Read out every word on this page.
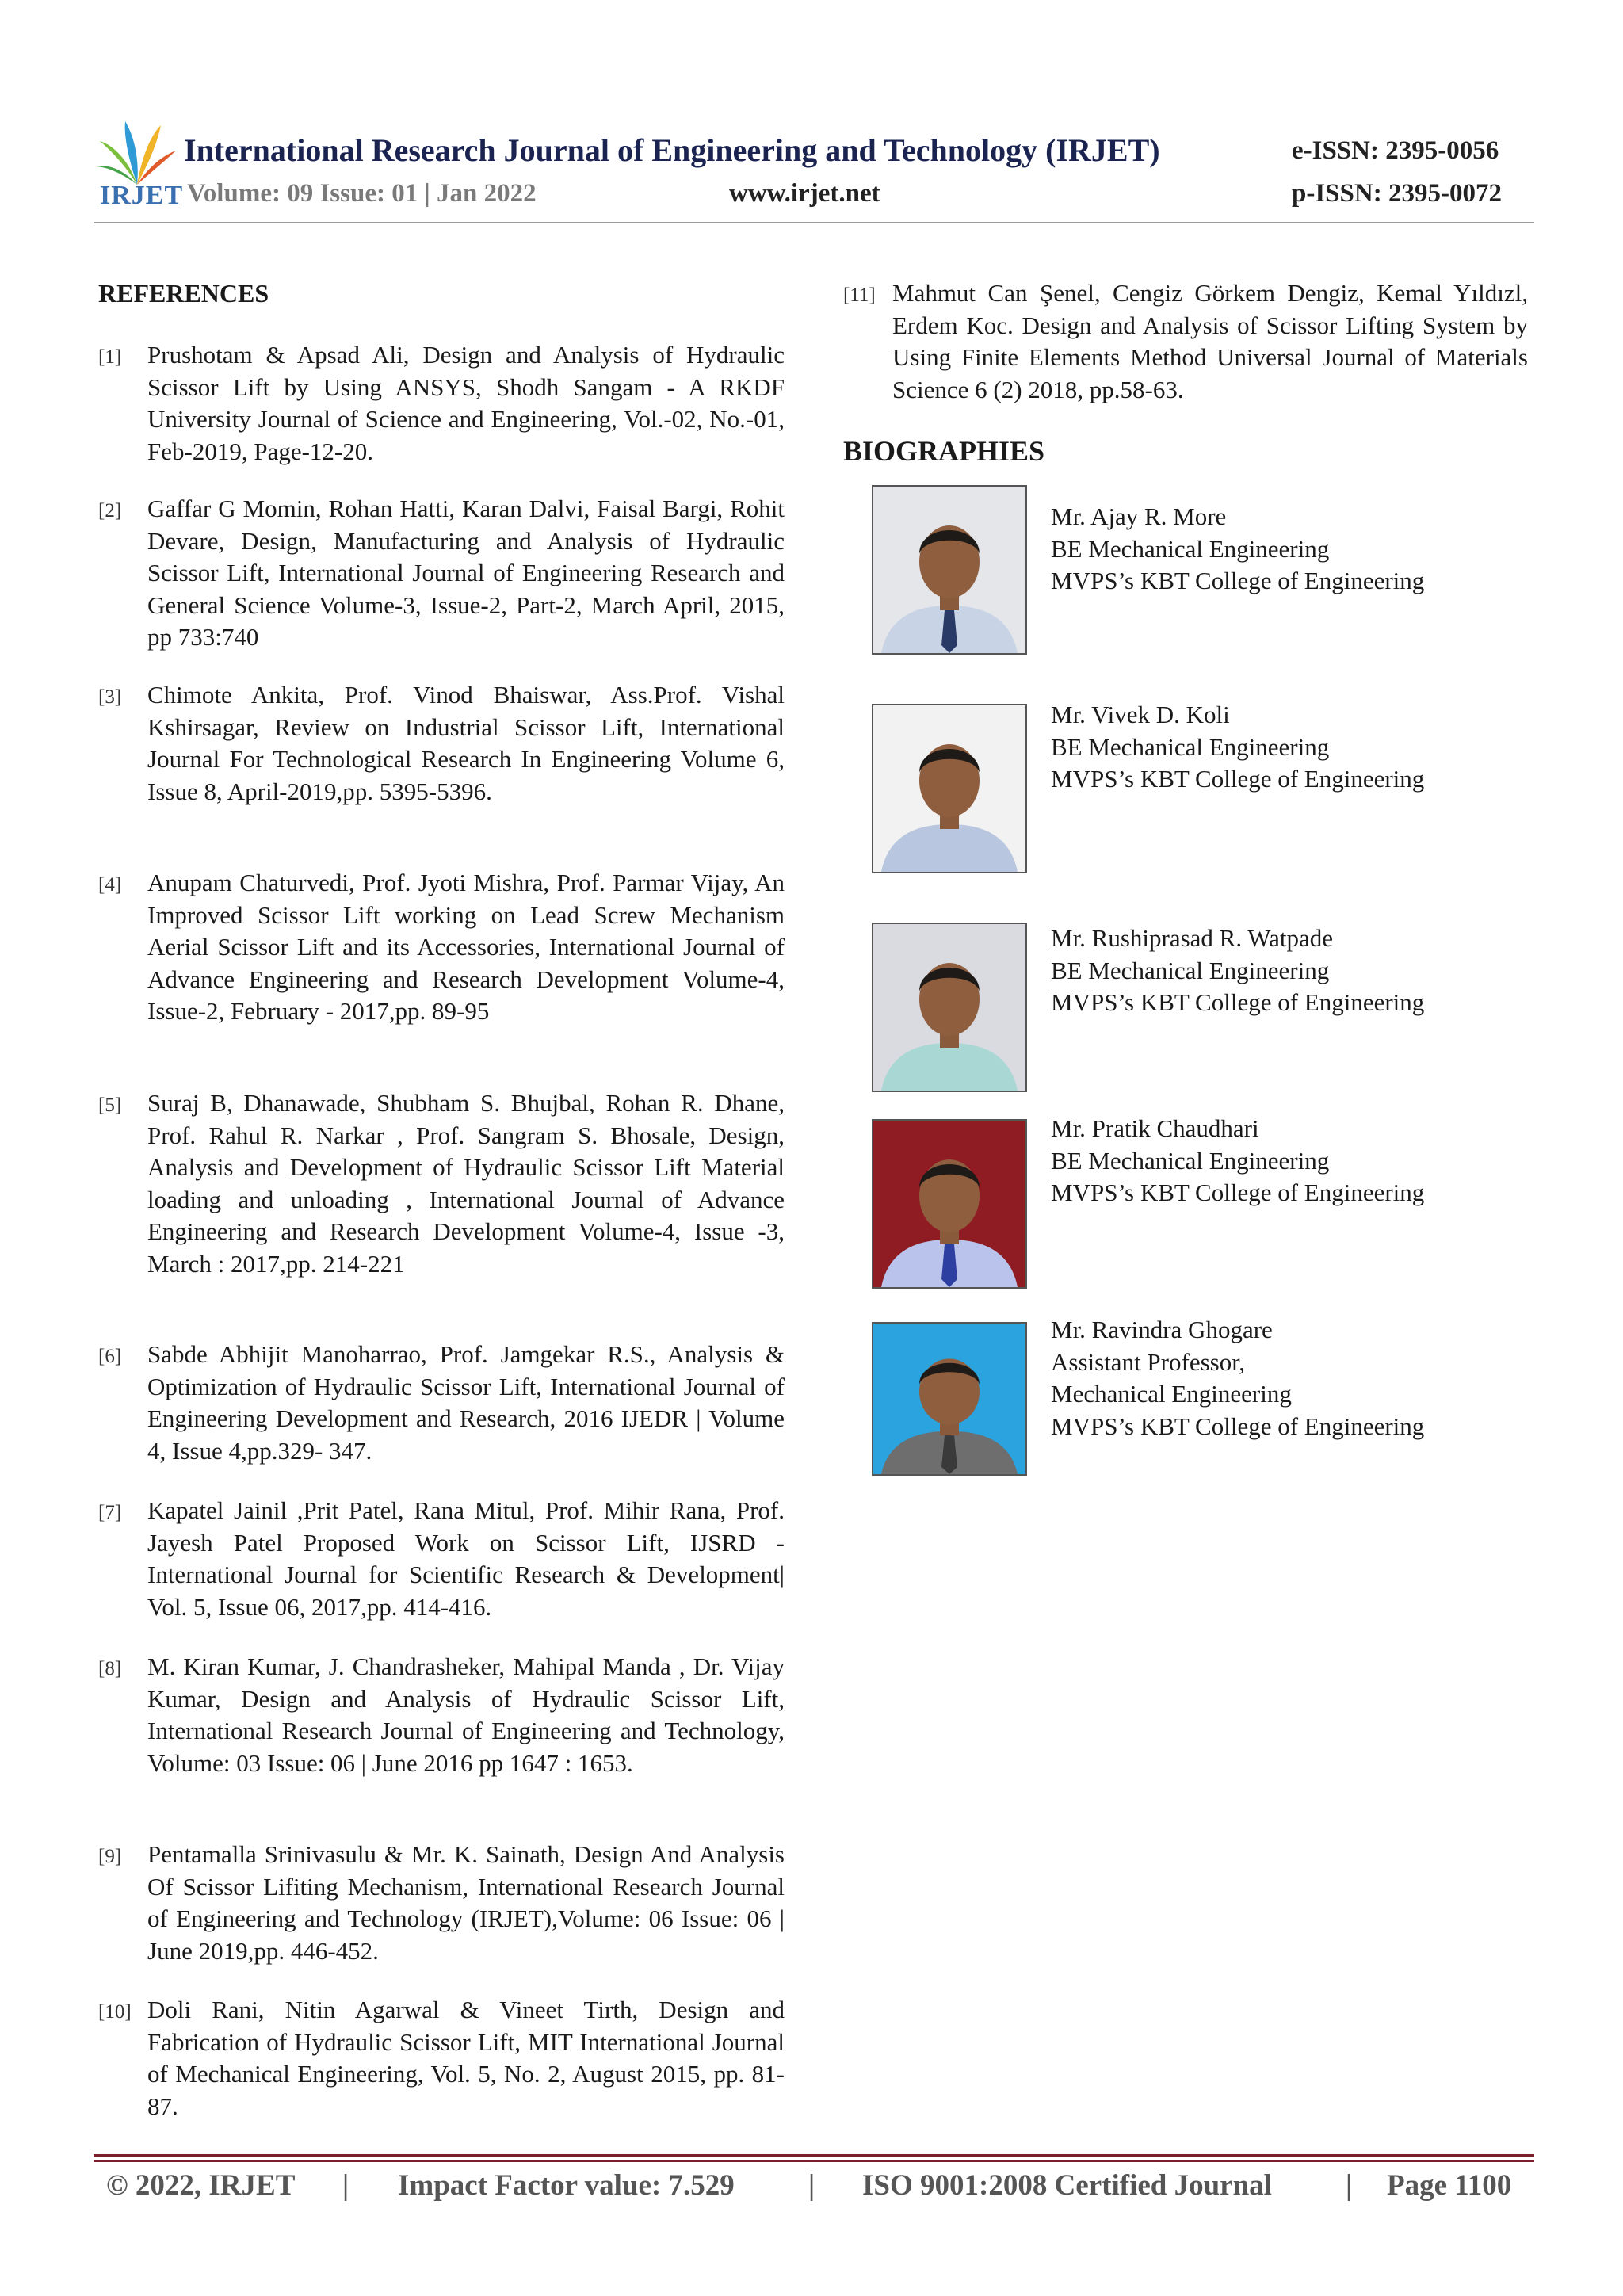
IRJET
International Research Journal of Engineering and Technology (IRJET)
Volume: 09 Issue: 01 | Jan 2022	www.irjet.net
e-ISSN: 2395-0056
p-ISSN: 2395-0072
REFERENCES
[1] Prushotam & Apsad Ali, Design and Analysis of Hydraulic Scissor Lift by Using ANSYS, Shodh Sangam - A RKDF University Journal of Science and Engineering, Vol.-02, No.-01, Feb-2019, Page-12-20.
[2] Gaffar G Momin, Rohan Hatti, Karan Dalvi, Faisal Bargi, Rohit Devare, Design, Manufacturing and Analysis of Hydraulic Scissor Lift, International Journal of Engineering Research and General Science Volume-3, Issue-2, Part-2, March April, 2015, pp 733:740
[3] Chimote Ankita, Prof. Vinod Bhaiswar, Ass.Prof. Vishal Kshirsagar, Review on Industrial Scissor Lift, International Journal For Technological Research In Engineering Volume 6, Issue 8, April-2019,pp. 5395-5396.
[4] Anupam Chaturvedi, Prof. Jyoti Mishra, Prof. Parmar Vijay, An Improved Scissor Lift working on Lead Screw Mechanism Aerial Scissor Lift and its Accessories, International Journal of Advance Engineering and Research Development Volume-4, Issue-2, February - 2017,pp. 89-95
[5] Suraj B, Dhanawade, Shubham S. Bhujbal, Rohan R. Dhane, Prof. Rahul R. Narkar , Prof. Sangram S. Bhosale, Design, Analysis and Development of Hydraulic Scissor Lift Material loading and unloading , International Journal of Advance Engineering and Research Development Volume-4, Issue -3, March : 2017,pp. 214-221
[6] Sabde Abhijit Manoharrao, Prof. Jamgekar R.S., Analysis & Optimization of Hydraulic Scissor Lift, International Journal of Engineering Development and Research, 2016 IJEDR | Volume 4, Issue 4,pp.329- 347.
[7] Kapatel Jainil ,Prit Patel, Rana Mitul, Prof. Mihir Rana, Prof. Jayesh Patel Proposed Work on Scissor Lift, IJSRD - International Journal for Scientific Research & Development| Vol. 5, Issue 06, 2017,pp. 414-416.
[8] M. Kiran Kumar, J. Chandrasheker, Mahipal Manda , Dr. Vijay Kumar, Design and Analysis of Hydraulic Scissor Lift, International Research Journal of Engineering and Technology, Volume: 03 Issue: 06 | June 2016 pp 1647 : 1653.
[9] Pentamalla Srinivasulu & Mr. K. Sainath, Design And Analysis Of Scissor Lifiting Mechanism, International Research Journal of Engineering and Technology (IRJET),Volume: 06 Issue: 06 | June 2019,pp. 446-452.
[10] Doli Rani, Nitin Agarwal & Vineet Tirth, Design and Fabrication of Hydraulic Scissor Lift, MIT International Journal of Mechanical Engineering, Vol. 5, No. 2, August 2015, pp. 81-87.
[11] Mahmut Can Şenel, Cengiz Görkem Dengiz, Kemal Yıldızl, Erdem Koc. Design and Analysis of Scissor Lifting System by Using Finite Elements Method Universal Journal of Materials Science 6 (2) 2018, pp.58-63.
BIOGRAPHIES
Mr. Ajay R. More
BE Mechanical Engineering
MVPS’s KBT College of Engineering
Mr. Vivek D. Koli
BE Mechanical Engineering
MVPS’s KBT College of Engineering
Mr. Rushiprasad R. Watpade
BE Mechanical Engineering
MVPS’s KBT College of Engineering
Mr. Pratik Chaudhari
BE Mechanical Engineering
MVPS’s KBT College of Engineering
Mr. Ravindra Ghogare
Assistant Professor,
Mechanical Engineering
MVPS’s KBT College of Engineering
© 2022, IRJET | Impact Factor value: 7.529	| ISO 9001:2008 Certified Journal	| Page 1100
